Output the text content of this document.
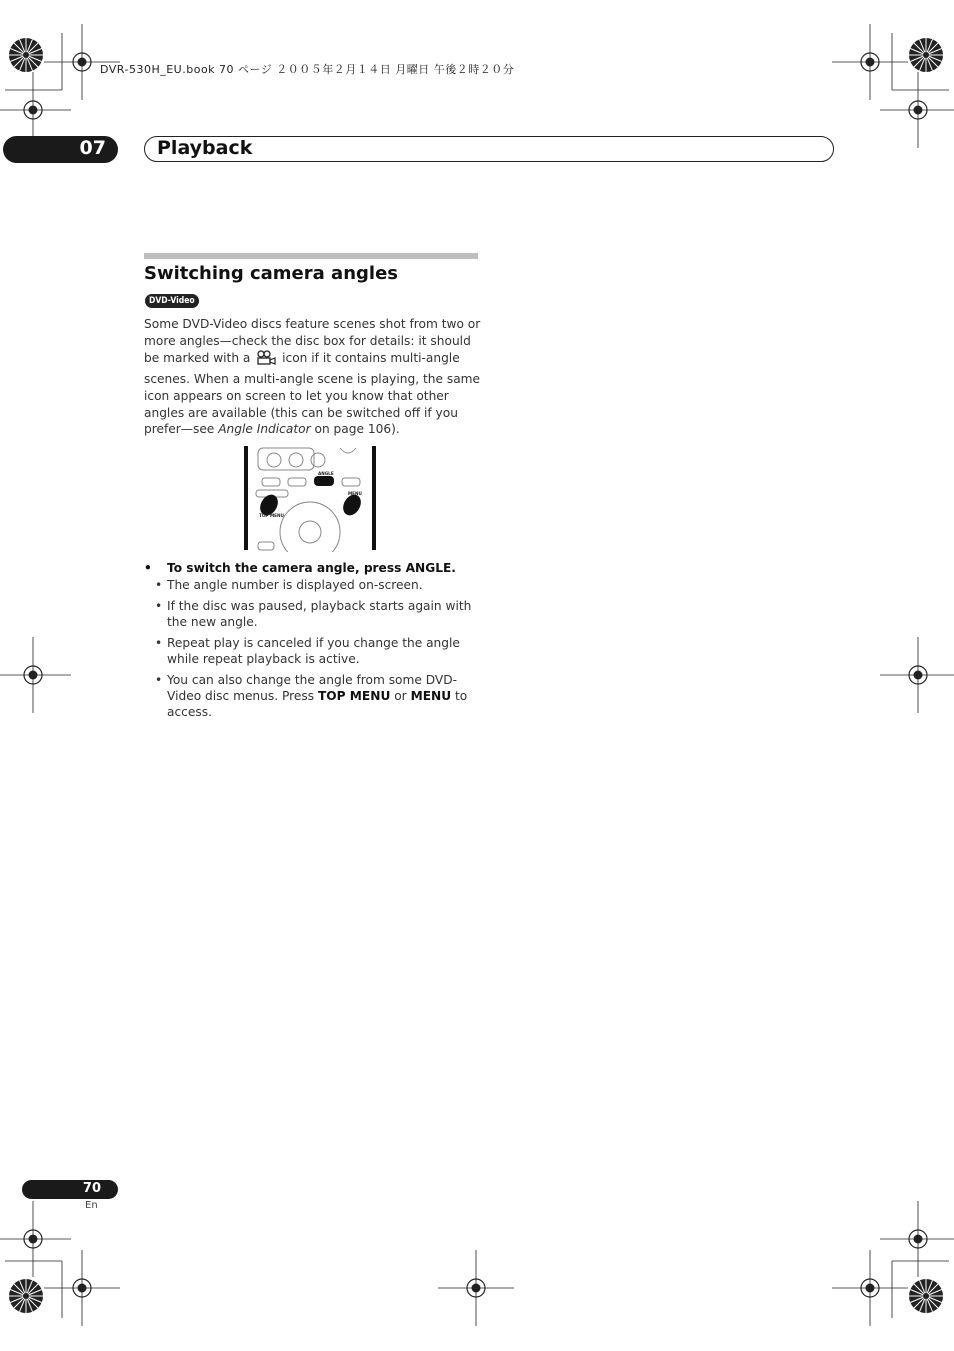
DVR-530H_EU.book 70 ページ ２００５年２月１４日 月曜日 午後２時２０分
07	Playback
Switching camera angles
DVD-Video
Some DVD-Video discs feature scenes shot from two or more angles—check the disc box for details: it should be marked with a	icon if it contains multi-angle scenes. When a multi-angle scene is playing, the same icon appears on screen to let you know that other angles are available (this can be switched off if you prefer—see Angle Indicator on page 106).
ANGLE
MENU
TOP MENU
• To switch the camera angle, press ANGLE.
• The angle number is displayed on-screen.
• If the disc was paused, playback starts again with the new angle.
• Repeat play is canceled if you change the angle while repeat playback is active.
• You can also change the angle from some DVD-Video disc menus. Press TOP MENU or MENU to access.
70
En
